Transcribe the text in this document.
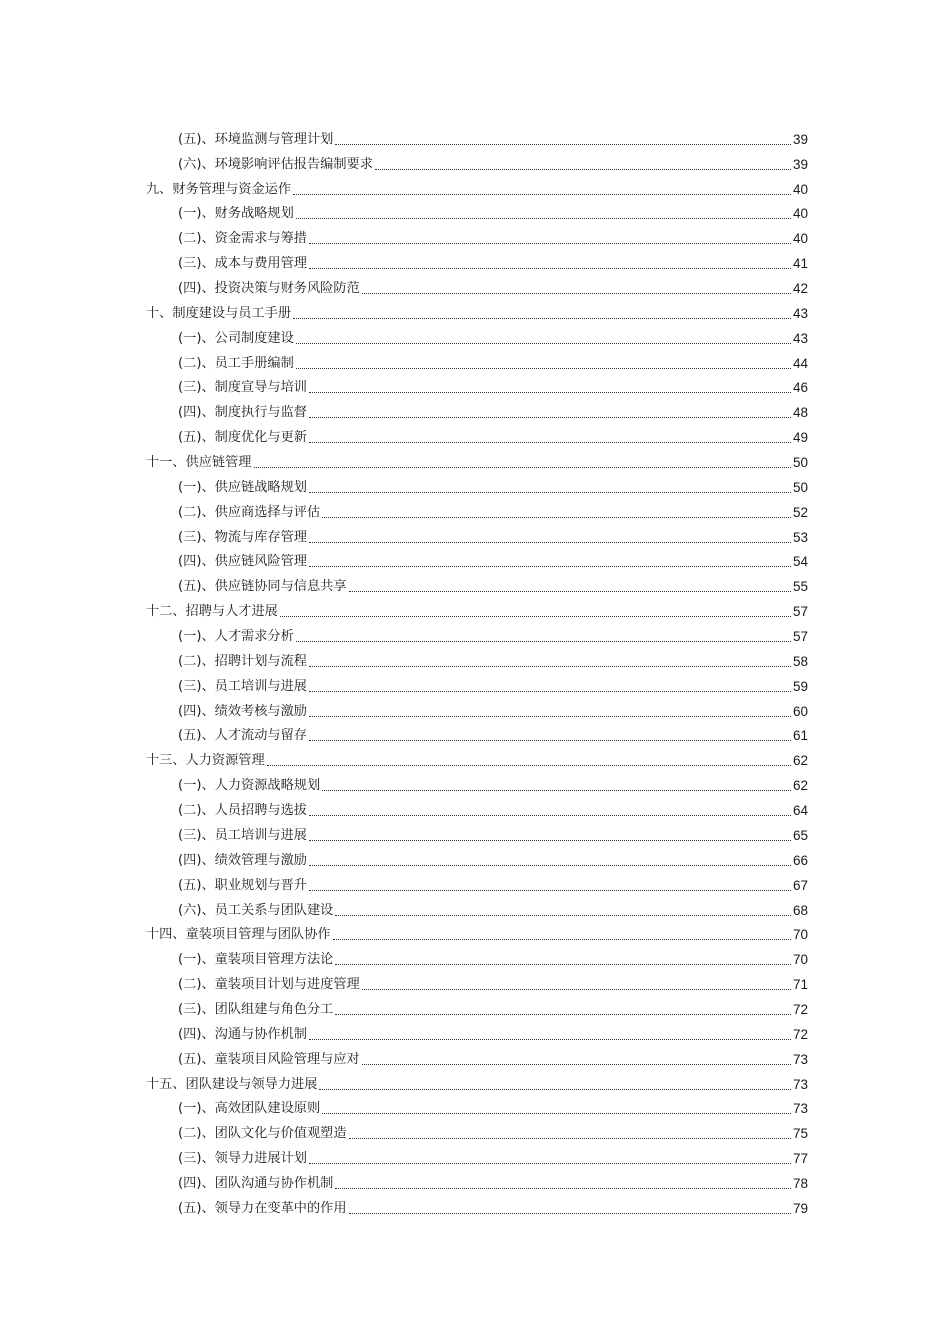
(五)、环境监测与管理计划	39
(六)、环境影响评估报告编制要求	39
九、财务管理与资金运作	40
(一)、财务战略规划	40
(二)、资金需求与筹措	40
(三)、成本与费用管理	41
(四)、投资决策与财务风险防范	42
十、制度建设与员工手册	43
(一)、公司制度建设	43
(二)、员工手册编制	44
(三)、制度宣导与培训	46
(四)、制度执行与监督	48
(五)、制度优化与更新	49
十一、供应链管理	50
(一)、供应链战略规划	50
(二)、供应商选择与评估	52
(三)、物流与库存管理	53
(四)、供应链风险管理	54
(五)、供应链协同与信息共享	55
十二、招聘与人才进展	57
(一)、人才需求分析	57
(二)、招聘计划与流程	58
(三)、员工培训与进展	59
(四)、绩效考核与激励	60
(五)、人才流动与留存	61
十三、人力资源管理	62
(一)、人力资源战略规划	62
(二)、人员招聘与选拔	64
(三)、员工培训与进展	65
(四)、绩效管理与激励	66
(五)、职业规划与晋升	67
(六)、员工关系与团队建设	68
十四、童装项目管理与团队协作	70
(一)、童装项目管理方法论	70
(二)、童装项目计划与进度管理	71
(三)、团队组建与角色分工	72
(四)、沟通与协作机制	72
(五)、童装项目风险管理与应对	73
十五、团队建设与领导力进展	73
(一)、高效团队建设原则	73
(二)、团队文化与价值观塑造	75
(三)、领导力进展计划	77
(四)、团队沟通与协作机制	78
(五)、领导力在变革中的作用	79
